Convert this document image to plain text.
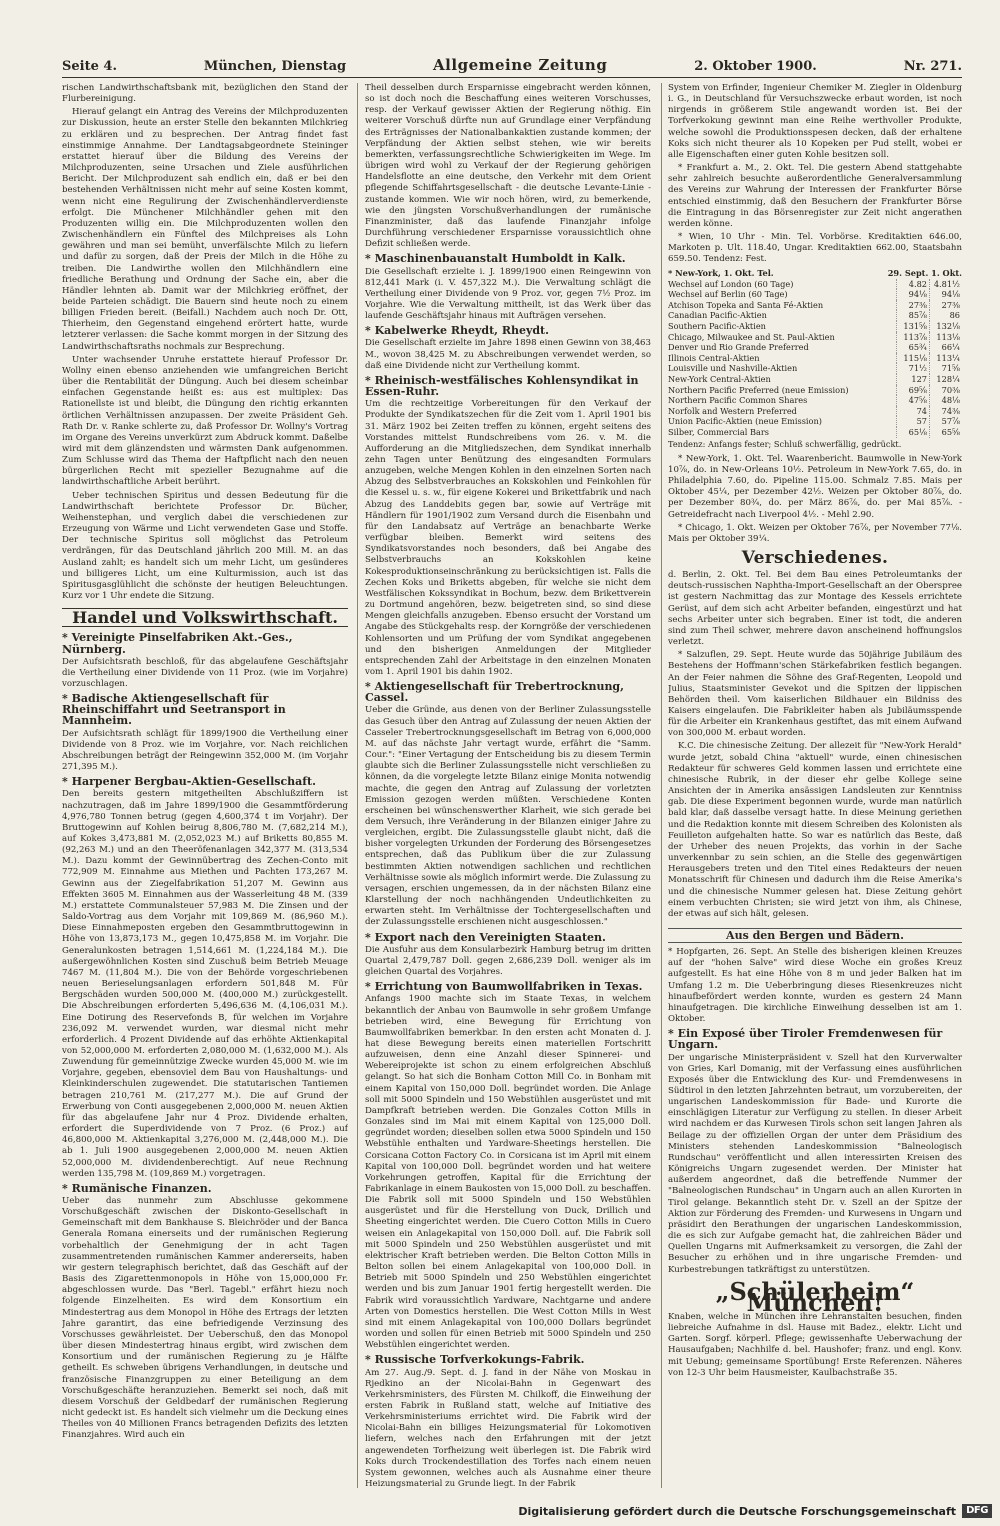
Seite 4.	München, Dienstag	Allgemeine Zeitung	2. Oktober 1900.	Nr. 271.

rischen Landwirthschaftsbank mit, bezüglichen den Stand der Flurbereinigung.

Hierauf gelangt ein Antrag des Vereins der Milchproduzenten zur Diskussion, heute an erster Stelle den bekannten Milchkrieg zu erklären und zu besprechen. Der Antrag findet fast einstimmige Annahme. Der Landtagsabgeordnete Steininger erstattet hierauf über die Bildung des Vereins der Milchproduzenten, seine Ursachen und Ziele ausführlichen Bericht. Der Milchproduzent sah endlich ein, daß er bei den bestehenden Verhältnissen nicht mehr auf seine Kosten kommt, wenn nicht eine Regulirung der Zwischenhändlerverdienste erfolgt. Die Münchener Milchhändler gehen mit den Produzenten willig ein. Die Milchproduzenten wollen den Zwischenhändlern ein Fünftel des Milchpreises als Lohn gewähren und man sei bemüht, unverfälschte Milch zu liefern und dafür zu sorgen, daß der Preis der Milch in die Höhe zu treiben. Die Landwirthe wollen den Milchhändlern eine friedliche Berathung und Ordnung der Sache ein, aber die Händler lehnten ab. Damit war der Milchkrieg eröffnet, der beide Parteien schädigt. Die Bauern sind heute noch zu einem billigen Frieden bereit. (Beifall.) Nachdem auch noch Dr. Ott, Thierheim, den Gegenstand eingehend erörtert hatte, wurde letzterer verlassen: die Sache kommt morgen in der Sitzung des Landwirthschaftsraths nochmals zur Besprechung.

Unter wachsender Unruhe erstattete hierauf Professor Dr. Wollny einen ebenso anziehenden wie umfangreichen Bericht über die Rentabilität der Düngung. Auch bei diesem scheinbar einfachen Gegenstande heißt es: aus est multiplex: Das Rationellste ist und bleibt, die Düngung den richtig erkannten örtlichen Verhältnissen anzupassen. Der zweite Präsident Geh. Rath Dr. v. Ranke schlerte zu, daß Professor Dr. Wollny's Vortrag im Organe des Vereins unverkürzt zum Abdruck kommt. Daßelbe wird mit dem glänzendsten und wärmsten Dank aufgenommen. Zum Schlusse wird das Thema der Haftpflicht nach den neuen bürgerlichen Recht mit spezieller Bezugnahme auf die landwirthschaftliche Arbeit berührt.

Ueber technischen Spiritus und dessen Bedeutung für die Landwirthschaft berichtete Professor Dr. Bücher, Weihenstephan, und verglich dabei die verschiedenen zur Erzeugung von Wärme und Licht verwendeten Gase und Stoffe. Der technische Spiritus soll möglichst das Petroleum verdrängen, für das Deutschland jährlich 200 Mill. M. an das Ausland zahlt; es handelt sich um mehr Licht, um gesünderes und billigeres Licht, um eine Kulturmission, auch ist das Spiritusgasglühlicht die schönste der heutigen Beleuchtungen. Kurz vor 1 Uhr endete die Sitzung.

Handel und Volkswirthschaft.
* Vereinigte Pinselfabriken Akt.-Ges., Nürnberg.

Der Aufsichtsrath beschloß, für das abgelaufene Geschäftsjahr die Vertheilung einer Dividende von 11 Proz. (wie im Vorjahre) vorzuschlagen.

* Badische Aktiengesellschaft für Rheinschiffahrt und Seetransport in Mannheim.

Der Aufsichtsrath schlägt für 1899/1900 die Vertheilung einer Dividende von 8 Proz. wie im Vorjahre, vor. Nach reichlichen Abschreibungen beträgt der Reingewinn 352,000 M. (im Vorjahr 271,395 M.).

* Harpener Bergbau-Aktien-Gesellschaft.

Den bereits gestern mitgetheilten Abschlußziffern ist nachzutragen, daß im Jahre 1899/1900 die Gesammtförderung 4,976,780 Tonnen betrug (gegen 4,600,374 t im Vorjahr). Der Bruttogewinn auf Kohlen beirug 8,806,780 M. (7,682,214 M.), auf Kokes 3,473,881 M. (2,052,023 M.) auf Briketts 80,855 M. (92,263 M.) und an den Theeröfenanlagen 342,377 M. (313,534 M.). Dazu kommt der Gewinnübertrag des Zechen-Conto mit 772,909 M. Einnahme aus Miethen und Pachten 173,267 M. Gewinn aus der Ziegelfabrikation 51,207 M. Gewinn aus Effekten 3605 M. Einnahmen aus der Wasserleitung 48 M. (339 M.) erstattete Communalsteuer 57,983 M. Die Zinsen und der Saldo-Vortrag aus dem Vorjahr mit 109,869 M. (86,960 M.). Diese Einnahmeposten ergeben den Gesammtbruttogewinn in Höhe von 13,873,173 M., gegen 10,475,858 M. im Vorjahr. Die Generalunkosten betragen 1,514,661 M. (1,224,184 M.). Die außergewöhnlichen Kosten sind Zuschuß beim Betrieb Meuage 7467 M. (11,804 M.). Die von der Behörde vorgeschriebenen neuen Berieselungsanlagen erfordern 501,848 M. Für Bergschäden wurden 500,000 M. (400,000 M.) zurückgestellt. Die Abschreibungen erforderten 5,496,636 M. (4,106,031 M.). Eine Dotirung des Reservefonds B, für welchen im Vorjahre 236,092 M. verwendet wurden, war diesmal nicht mehr erforderlich. 4 Prozent Dividende auf das erhöhte Aktienkapital von 52,000,000 M. erforderten 2,080,000 M. (1,632,000 M.). Als Zuwendung für gemeinnützige Zwecke wurden 45,000 M. wie im Vorjahre, gegeben, ebensoviel dem Bau von Haushaltungs- und Kleinkinderschulen zugewendet. Die statutarischen Tantiemen betragen 210,761 M. (217,277 M.). Die auf Grund der Erwerbung von Conti ausgegebenen 2,000,000 M. neuen Aktien für das abgelaufene Jahr nur 4 Proz. Dividende erhalten, erfordert die Superdividende von 7 Proz. (6 Proz.) auf 46,800,000 M. Aktienkapital 3,276,000 M. (2,448,000 M.). Die ab 1. Juli 1900 ausgegebenen 2,000,000 M. neuen Aktien 52,000,000 M. dividendenberechtigt. Auf neue Rechnung werden 135,798 M. (109,869 M.) vorgetragen.

* Rumänische Finanzen.

Ueber das nunmehr zum Abschlusse gekommene Vorschußgeschäft zwischen der Diskonto-Gesellschaft in Gemeinschaft mit dem Bankhause S. Bleichröder und der Banca Generala Romana einerseits und der rumänischen Regierung vorbehaltlich der Genehmigung der in acht Tagen zusammentretenden rumänischen Kammer andererseits, haben wir gestern telegraphisch berichtet, daß das Geschäft auf der Basis des Zigarettenmonopols in Höhe von 15,000,000 Fr. abgeschlossen wurde. Das "Berl. Tagebl." erfährt hiezu noch folgende Einzelheiten. Es wird dem Konsortium ein Mindestertrag aus dem Monopol in Höhe des Ertrags der letzten Jahre garantirt, das eine befriedigende Verzinsung des Vorschusses gewährleistet. Der Ueberschuß, den das Monopol über diesen Mindestertrag hinaus ergibt, wird zwischen dem Konsortium und der rumänischen Regierung zu je Hälfte getheilt. Es schweben übrigens Verhandlungen, in deutsche und französische Finanzgruppen zu einer Beteiligung an dem Vorschußgeschäfte heranzuziehen. Bemerkt sei noch, daß mit diesem Vorschuß der Geldbedarf der rumänischen Regierung nicht gedeckt ist. Es handelt sich vielmehr um die Deckung eines Theiles von 40 Millionen Francs betragenden Defizits des letzten Finanzjahres. Wird auch ein

Theil desselben durch Ersparnisse eingebracht werden können, so ist doch noch die Beschaffung eines weiteren Vorschusses, resp. der Verkauf gewisser Aktien der Regierung nöthig. Ein weiterer Vorschuß dürfte nun auf Grundlage einer Verpfändung des Erträgnisses der Nationalbankaktien zustande kommen; der Verpfändung der Aktien selbst stehen, wie wir bereits bemerkten, verfassungsrechtliche Schwierigkeiten im Wege. Im übrigen wird wohl zu Verkauf der der Regierung gehörigen Handelsflotte an eine deutsche, den Verkehr mit dem Orient pflegende Schiffahrtsgesellschaft - die deutsche Levante-Linie - zustande kommen. Wie wir noch hören, wird, zu bemerkende, wie den jüngsten Vorschußverhandlungen der rumänische Finanzminister, daß das laufende Finanzjahr infolge Durchführung verschiedener Ersparnisse voraussichtlich ohne Defizit schließen werde.

* Maschinenbauanstalt Humboldt in Kalk.

Die Gesellschaft erzielte i. J. 1899/1900 einen Reingewinn von 812,441 Mark (i. V. 457,322 M.). Die Verwaltung schlägt die Vertheilung einer Dividende von 9 Proz. vor, gegen 7½ Proz. im Vorjahre. Wie die Verwaltung mittheilt, ist das Werk über das laufende Geschäftsjahr hinaus mit Aufträgen versehen.

* Kabelwerke Rheydt, Rheydt.

Die Gesellschaft erzielte im Jahre 1898 einen Gewinn von 38,463 M., wovon 38,425 M. zu Abschreibungen verwendet werden, so daß eine Dividende nicht zur Vertheilung kommt.

* Rheinisch-westfälisches Kohlensyndikat in Essen-Ruhr.

Um die rechtzeitige Vorbereitungen für den Verkauf der Produkte der Syndikatszechen für die Zeit vom 1. April 1901 bis 31. März 1902 bei Zeiten treffen zu können, ergeht seitens des Vorstandes mittelst Rundschreibens vom 26. v. M. die Aufforderung an die Mitgliedszechen, dem Syndikat innerhalb zehn Tagen unter Benützung des eingesandten Formulars anzugeben, welche Mengen Kohlen in den einzelnen Sorten nach Abzug des Selbstverbrauches an Kokskohlen und Feinkohlen für die Kessel u. s. w., für eigene Kokerei und Brikettfabrik und nach Abzug des Landdebits gegen bar, sowie auf Verträge mit Händlern für 1901/1902 zum Versand durch die Eisenbahn und für den Landabsatz auf Verträge an benachbarte Werke verfügbar bleiben. Bemerkt wird seitens des Syndikatsvorstandes noch besonders, daß bei Angabe des Selbstverbrauchs an Kokskohlen keine Kokesproduktionseinschränkung zu berücksichtigen ist. Falls die Zechen Koks und Briketts abgeben, für welche sie nicht dem Westfälischen Kokssyndikat in Bochum, bezw. dem Brikettverein zu Dortmund angehören, bezw. beigetreten sind, so sind diese Mengen gleichfalls anzugeben. Ebenso ersucht der Vorstand um Angabe des Stückgehalts resp. der Korngröße der verschiedenen Kohlensorten und um Prüfung der vom Syndikat angegebenen und den bisherigen Anmeldungen der Mitglieder entsprechenden Zahl der Arbeitstage in den einzelnen Monaten vom 1. April 1901 bis dahin 1902.

* Aktiengesellschaft für Trebertrocknung, Cassel.

Ueber die Gründe, aus denen von der Berliner Zulassungsstelle das Gesuch über den Antrag auf Zulassung der neuen Aktien der Casseler Trebertrocknungsgesellschaft im Betrag von 6,000,000 M. auf das nächste Jahr vertagt wurde, erfährt die "Samm. Cour.": "Einer Vertagung der Entscheidung bis zu diesem Termin glaubte sich die Berliner Zulassungsstelle nicht verschließen zu können, da die vorgelegte letzte Bilanz einige Monita notwendig machte, die gegen den Antrag auf Zulassung der vorletzten Emission gezogen werden müßten. Verschiedene Konten erscheinen bei wünschenswerther Klarheit, wie sich gerade bei dem Versuch, ihre Veränderung in der Bilanzen einiger Jahre zu vergleichen, ergibt. Die Zulassungsstelle glaubt nicht, daß die bisher vorgelegten Urkunden der Forderung des Börsengesetzes entsprechen, daß das Publikum über die zur Zulassung bestimmten Aktien notwendigen sachlichen und rechtlichen Verhältnisse sowie als möglich informirt werde. Die Zulassung zu versagen, erschien ungemessen, da in der nächsten Bilanz eine Klarstellung der noch nachhängenden Undeutlichkeiten zu erwarten steht. Im Verhältnisse der Tochtergesellschaften und der Zulassungsstelle erschienen nicht ausgeschlossen."

* Export nach den Vereinigten Staaten.

Die Ausfuhr aus dem Konsularbezirk Hamburg betrug im dritten Quartal 2,479,787 Doll. gegen 2,686,239 Doll. weniger als im gleichen Quartal des Vorjahres.

* Errichtung von Baumwollfabriken in Texas.

Anfangs 1900 machte sich im Staate Texas, in welchem bekanntlich der Anbau von Baumwolle in sehr großem Umfange betrieben wird, eine Bewegung für Errichtung von Baumwollfabriken bemerkbar. In den ersten acht Monaten d. J. hat diese Bewegung bereits einen materiellen Fortschritt aufzuweisen, denn eine Anzahl dieser Spinnerei- und Webereiprojekte ist schon zu einem erfolgreichen Abschluß gelangt. So hat sich die Bonham Cotton Mill Co. in Bonham mit einem Kapital von 150,000 Doll. begründet worden. Die Anlage soll mit 5000 Spindeln und 150 Webstühlen ausgerüstet und mit Dampfkraft betrieben werden. Die Gonzales Cotton Mills in Gonzales sind im Mai mit einem Kapital von 125,000 Doll. gegründet worden; dieselben sollen etwa 5000 Spindeln und 150 Webstühle enthalten und Yardware-Sheetings herstellen. Die Corsicana Cotton Factory Co. in Corsicana ist im April mit einem Kapital von 100,000 Doll. begründet worden und hat weitere Vorkehrungen getroffen, Kapital für die Errichtung der Fabrikanlage in einem Baukosten von 15,000 Doll. zu beschaffen. Die Fabrik soll mit 5000 Spindeln und 150 Webstühlen ausgerüstet und für die Herstellung von Duck, Drillich und Sheeting eingerichtet werden. Die Cuero Cotton Mills in Cuero weisen ein Anlagekapital von 150,000 Doll. auf. Die Fabrik soll mit 5000 Spindeln und 250 Webstühlen ausgerüstet und mit elektrischer Kraft betrieben werden. Die Belton Cotton Mills in Belton sollen bei einem Anlagekapital von 100,000 Doll. in Betrieb mit 5000 Spindeln und 250 Webstühlen eingerichtet werden und bis zum Januar 1901 fertig hergestellt werden. Die Fabrik wird voraussichtlich Yardware, Nachtgarne und andere Arten von Domestics herstellen. Die West Cotton Mills in West sind mit einem Anlagekapital von 100,000 Dollars begründet worden und sollen für einen Betrieb mit 5000 Spindeln und 250 Webstühlen eingerichtet werden.

* Russische Torfverkokungs-Fabrik.

Am 27. Aug./9. Sept. d. J. fand in der Nähe von Moskau in Rjedkino an der Nicolai-Bahn in Gegenwart des Verkehrsministers, des Fürsten M. Chilkoff, die Einweihung der ersten Fabrik in Rußland statt, welche auf Initiative des Verkehrsministeriums errichtet wird. Die Fabrik wird der Nicolai-Bahn ein billiges Heizungsmaterial für Lokomotiven liefern, welches nach den Erfahrungen mit der jetzt angewendeten Torfheizung weit überlegen ist. Die Fabrik wird Koks durch Trockendestillation des Torfes nach einem neuen System gewonnen, welches auch als Ausnahme einer theure Heizungsmaterial zu Grunde liegt. In der Fabrik

System von Erfinder, Ingenieur Chemiker M. Ziegler in Oldenburg i. G., in Deutschland für Versuchszwecke erbaut worden, ist noch nirgends in größerem Stile angewandt worden ist. Bei der Torfverkokung gewinnt man eine Reihe werthvoller Produkte, welche sowohl die Produktionsspesen decken, daß der erhaltene Koks sich nicht theurer als 10 Kopeken per Pud stellt, wobei er alle Eigenschaften einer guten Kohle besitzen soll.

* Frankfurt a. M., 2. Okt. Tel. Die gestern Abend stattgehabte sehr zahlreich besuchte außerordentliche Generalversammlung des Vereins zur Wahrung der Interessen der Frankfurter Börse entschied einstimmig, daß den Besuchern der Frankfurter Börse die Eintragung in das Börsenregister zur Zeit nicht angerathen werden könne.

* Wien, 10 Uhr - Min. Tel. Vorbörse. Kreditaktien 646.00, Markoten p. Ult. 118.40, Ungar. Kreditaktien 662.00, Staatsbahn 659.50. Tendenz: Fest.

* New-York, 1. Okt. Tel.	29. Sept. 1. Okt.
Wechsel auf London (60 Tage)	4.82	4.81½
Wechsel auf Berlin (60 Tage)	94⅛	94⅛
Atchison Topeka and Santa Fé-Aktien	27⅜	27⅜
Canadian Pacific-Aktien	85⅞	86
Southern Pacific-Aktien	131⅝	132⅛
Chicago, Milwaukee and St. Paul-Aktien	113⅞	113⅛
Denver und Rio Grande Preferred	65¾	66¼
Illinois Central-Aktien	115⅛	113¼
Louisville und Nashville-Aktien	71½	71⅝
New-York Central-Aktien	127	128¼
Northern Pacific Preferred (neue Emission)	69⅝	70⅜
Northern Pacific Common Shares	47⅝	48⅛
Norfolk and Western Preferred	74	74⅜
Union Pacific-Aktien (neue Emission)	57	57⅞
Silber, Commercial Bars	65⅛	65⅝
Tendenz: Anfangs fester; Schluß schwerfällig, gedrückt.

* New-York, 1. Okt. Tel. Waarenbericht. Baumwolle in New-York 10⅞, do. in New-Orleans 10½. Petroleum in New-York 7.65, do. in Philadelphia 7.60, do. Pipeline 115.00. Schmalz 7.85. Mais per Oktober 45¼, per Dezember 42½. Weizen per Oktober 80⅞, do. per Dezember 80¾, do. per März 86⅞, do. per Mai 85⅞. - Getreidefracht nach Liverpool 4½. - Mehl 2.90.

* Chicago, 1. Okt. Weizen per Oktober 76⅞, per November 77⅛. Mais per Oktober 39¼.

Verschiedenes.

d. Berlin, 2. Okt. Tel. Bei dem Bau eines Petroleumtanks der deutsch-russischen Naphtha-Import-Gesellschaft an der Oberspree ist gestern Nachmittag das zur Montage des Kessels errichtete Gerüst, auf dem sich acht Arbeiter befanden, eingestürzt und hat sechs Arbeiter unter sich begraben. Einer ist todt, die anderen sind zum Theil schwer, mehrere davon anscheinend hoffnungslos verletzt.

* Salzuflen, 29. Sept. Heute wurde das 50jährige Jubiläum des Bestehens der Hoffmann'schen Stärkefabriken festlich begangen. An der Feier nahmen die Söhne des Graf-Regenten, Leopold und Julius, Staatsminister Gevekot und die Spitzen der lippischen Behörden theil. Vom kaiserlichen Bildhauer ein Bildniss des Kaisers eingelaufen. Die Fabrikleiter haben als Jubiläumsspende für die Arbeiter ein Krankenhaus gestiftet, das mit einem Aufwand von 300,000 M. erbaut worden.

K.C. Die chinesische Zeitung. Der allezeit für "New-York Herald" wurde jetzt, sobald China "aktuell" wurde, einen chinesischen Redakteur für schweres Geld kommen lassen und errichtete eine chinesische Rubrik, in der dieser ehr gelbe Kollege seine Ansichten der in Amerika ansässigen Landsleuten zur Kenntniss gab. Die diese Experiment begonnen wurde, wurde man natürlich bald klar, daß dasselbe versagt hatte. In diese Meinung geriethen und die Redaktion konnte mit diesem Schreiben des Kolonisten als Feuilleton aufgehalten hatte. So war es natürlich das Beste, daß der Urheber des neuen Projekts, das vorhin in der Sache unverkennbar zu sein schien, an die Stelle des gegenwärtigen Herausgebers treten und den Titel eines Redakteurs der neuen Monatsschrift für Chinesen und dadurch ihm die Reise Amerika's und die chinesische Nummer gelesen hat. Diese Zeitung gehört einem verbuchten Christen; sie wird jetzt von ihm, als Chinese, der etwas auf sich hält, gelesen.

Aus den Bergen und Bädern.

* Hopfgarten, 26. Sept. An Stelle des bisherigen kleinen Kreuzes auf der "hohen Salve" wird diese Woche ein großes Kreuz aufgestellt. Es hat eine Höhe von 8 m und jeder Balken hat im Umfang 1.2 m. Die Ueberbringung dieses Riesenkreuzes nicht hinaufbefördert werden konnte, wurden es gestern 24 Mann hinaufgetragen. Die kirchliche Einweihung desselben ist am 1. Oktober.

* Ein Exposé über Tiroler Fremdenwesen für Ungarn.

Der ungarische Ministerpräsident v. Szell hat den Kurverwalter von Gries, Karl Domanig, mit der Verfassung eines ausführlichen Exposés über die Entwicklung des Kur- und Fremdenwesens in Südtirol in den letzten Jahrzehnten betraut, um vorzubereiten, der ungarischen Landeskommission für Bade- und Kurorte die einschlägigen Literatur zur Verfügung zu stellen. In dieser Arbeit wird nachdem er das Kurwesen Tirols schon seit langen Jahren als Beilage zu der offiziellen Organ der unter dem Präsidium des Ministers stehenden Landeskommission "Balneologisch Rundschau" veröffentlicht und allen interessirten Kreisen des Königreichs Ungarn zugesendet werden. Der Minister hat außerdem angeordnet, daß die betreffende Nummer der "Balneologischen Rundschau" in Ungarn auch an allen Kurorten in Tirol gelange. Bekanntlich steht Dr. v. Szell an der Spitze der Aktion zur Förderung des Fremden- und Kurwesens in Ungarn und präsidirt den Berathungen der ungarischen Landeskommission, die es sich zur Aufgabe gemacht hat, die zahlreichen Bäder und Quellen Ungarns mit Aufmerksamkeit zu versorgen, die Zahl der Besucher zu erhöhen und in ihre ungarische Fremden- und Kurbestrebungen tatkräftigst zu unterstützen.

„Schülerheim“ München!

Knaben, welche in München ihre Lehranstalten besuchen, finden liebreiche Aufnahme in dsl. Hause mit Badez., elektr. Licht und Garten. Sorgf. körperl. Pflege; gewissenhafte Ueberwachung der Hausaufgaben; Nachhilfe d. bel. Haushofer; franz. und engl. Konv. mit Uebung; gemeinsame Sportübung! Erste Referenzen. Näheres von 12-3 Uhr beim Hausmeister, Kaulbachstraße 35.

Digitalisierung gefördert durch die Deutsche Forschungsgemeinschaft	DFG
